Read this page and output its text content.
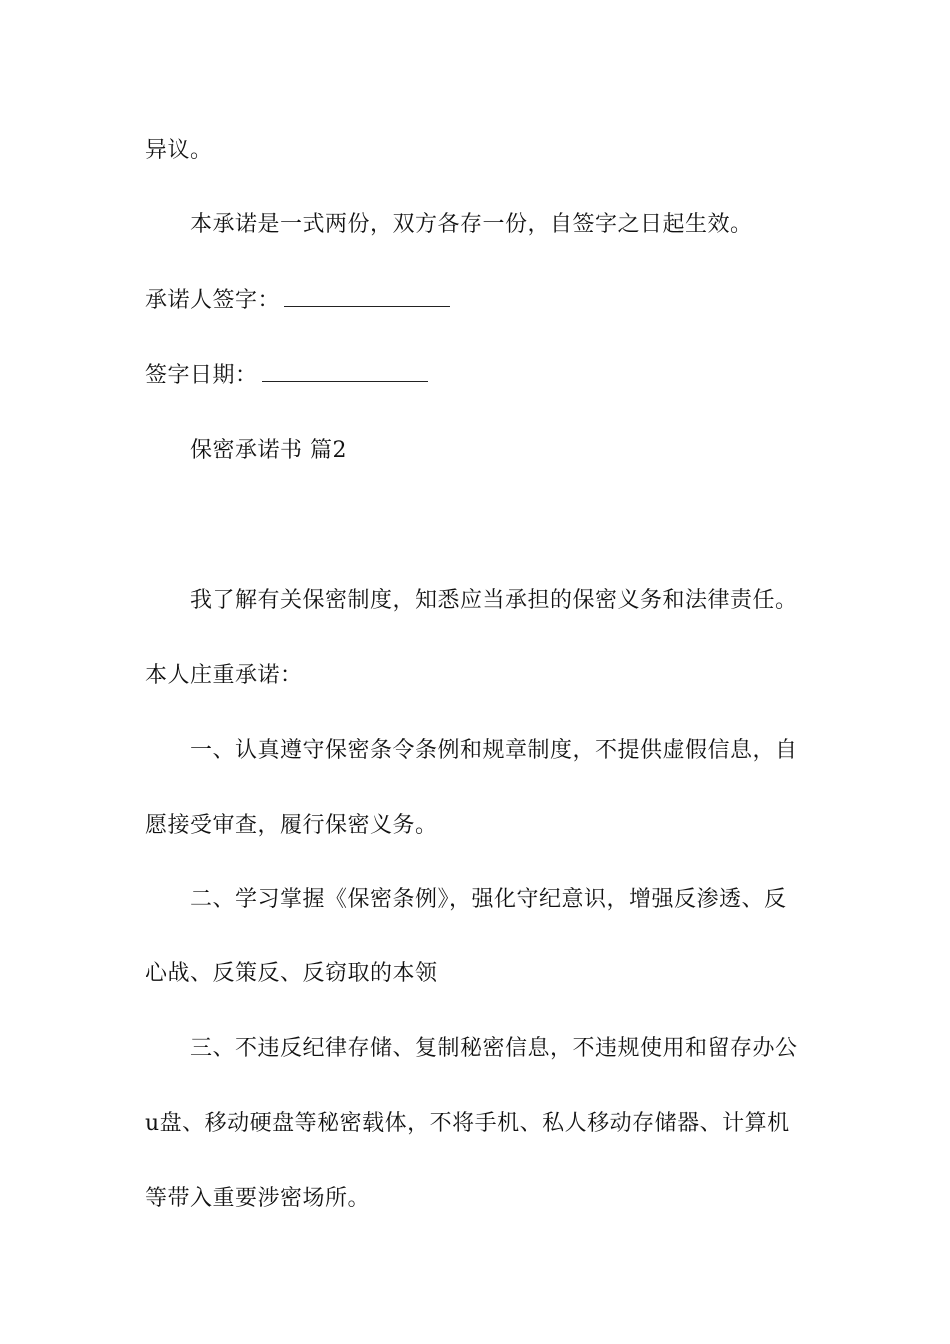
异议。
本承诺是一式两份，双方各存一份，自签字之日起生效。
承诺人签字：
签字日期：
保密承诺书 篇2
我了解有关保密制度，知悉应当承担的保密义务和法律责任。
本人庄重承诺：
一、认真遵守保密条令条例和规章制度，不提供虚假信息，自
愿接受审查，履行保密义务。
二、学习掌握《保密条例》，强化守纪意识，增强反渗透、反
心战、反策反、反窃取的本领
三、不违反纪律存储、复制秘密信息，不违规使用和留存办公
u盘、移动硬盘等秘密载体，不将手机、私人移动存储器、计算机
等带入重要涉密场所。
